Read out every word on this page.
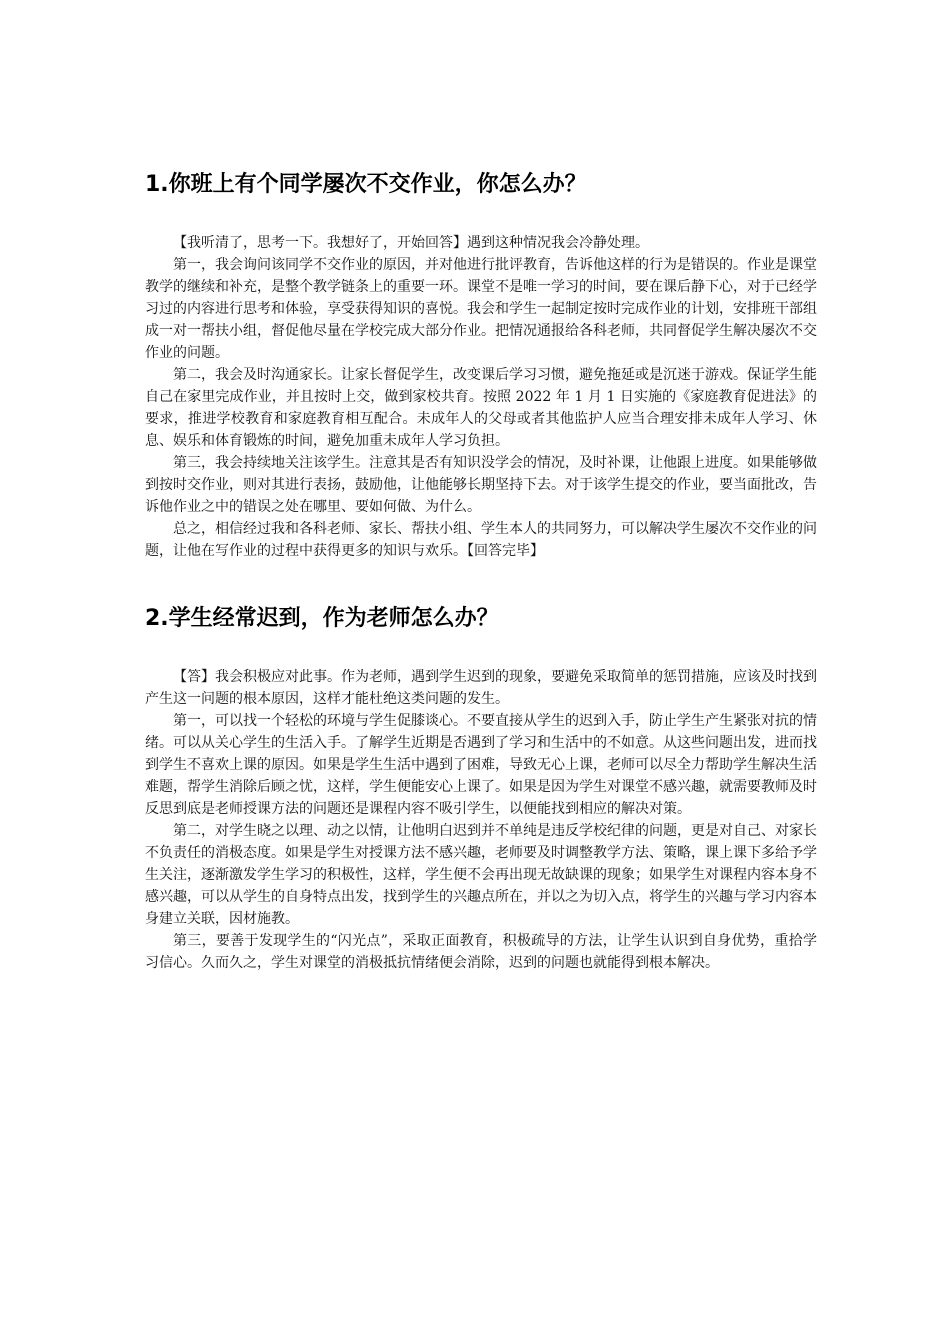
1.你班上有个同学屡次不交作业，你怎么办？

【我听清了，思考一下。我想好了，开始回答】遇到这种情况我会冷静处理。

第一，我会询问该同学不交作业的原因，并对他进行批评教育，告诉他这样的行为是错误的。作业是课堂教学的继续和补充，是整个教学链条上的重要一环。课堂不是唯一学习的时间，要在课后静下心，对于已经学习过的内容进行思考和体验，享受获得知识的喜悦。我会和学生一起制定按时完成作业的计划，安排班干部组成一对一帮扶小组，督促他尽量在学校完成大部分作业。把情况通报给各科老师，共同督促学生解决屡次不交作业的问题。

第二，我会及时沟通家长。让家长督促学生，改变课后学习习惯，避免拖延或是沉迷于游戏。保证学生能自己在家里完成作业，并且按时上交，做到家校共育。按照 2022 年 1 月 1 日实施的《家庭教育促进法》的要求，推进学校教育和家庭教育相互配合。未成年人的父母或者其他监护人应当合理安排未成年人学习、休息、娱乐和体育锻炼的时间，避免加重未成年人学习负担。

第三，我会持续地关注该学生。注意其是否有知识没学会的情况，及时补课，让他跟上进度。如果能够做到按时交作业，则对其进行表扬，鼓励他，让他能够长期坚持下去。对于该学生提交的作业，要当面批改，告诉他作业之中的错误之处在哪里、要如何做、为什么。

总之，相信经过我和各科老师、家长、帮扶小组、学生本人的共同努力，可以解决学生屡次不交作业的问题，让他在写作业的过程中获得更多的知识与欢乐。【回答完毕】

2.学生经常迟到，作为老师怎么办？

【答】我会积极应对此事。作为老师，遇到学生迟到的现象，要避免采取简单的惩罚措施，应该及时找到产生这一问题的根本原因，这样才能杜绝这类问题的发生。

第一，可以找一个轻松的环境与学生促膝谈心。不要直接从学生的迟到入手，防止学生产生紧张对抗的情绪。可以从关心学生的生活入手。了解学生近期是否遇到了学习和生活中的不如意。从这些问题出发，进而找到学生不喜欢上课的原因。如果是学生生活中遇到了困难，导致无心上课，老师可以尽全力帮助学生解决生活难题，帮学生消除后顾之忧，这样，学生便能安心上课了。如果是因为学生对课堂不感兴趣，就需要教师及时反思到底是老师授课方法的问题还是课程内容不吸引学生，以便能找到相应的解决对策。

第二，对学生晓之以理、动之以情，让他明白迟到并不单纯是违反学校纪律的问题，更是对自己、对家长不负责任的消极态度。如果是学生对授课方法不感兴趣，老师要及时调整教学方法、策略，课上课下多给予学生关注，逐渐激发学生学习的积极性，这样，学生便不会再出现无故缺课的现象；如果学生对课程内容本身不感兴趣，可以从学生的自身特点出发，找到学生的兴趣点所在，并以之为切入点，将学生的兴趣与学习内容本身建立关联，因材施教。

第三，要善于发现学生的“闪光点”，采取正面教育，积极疏导的方法，让学生认识到自身优势，重拾学习信心。久而久之，学生对课堂的消极抵抗情绪便会消除，迟到的问题也就能得到根本解决。
